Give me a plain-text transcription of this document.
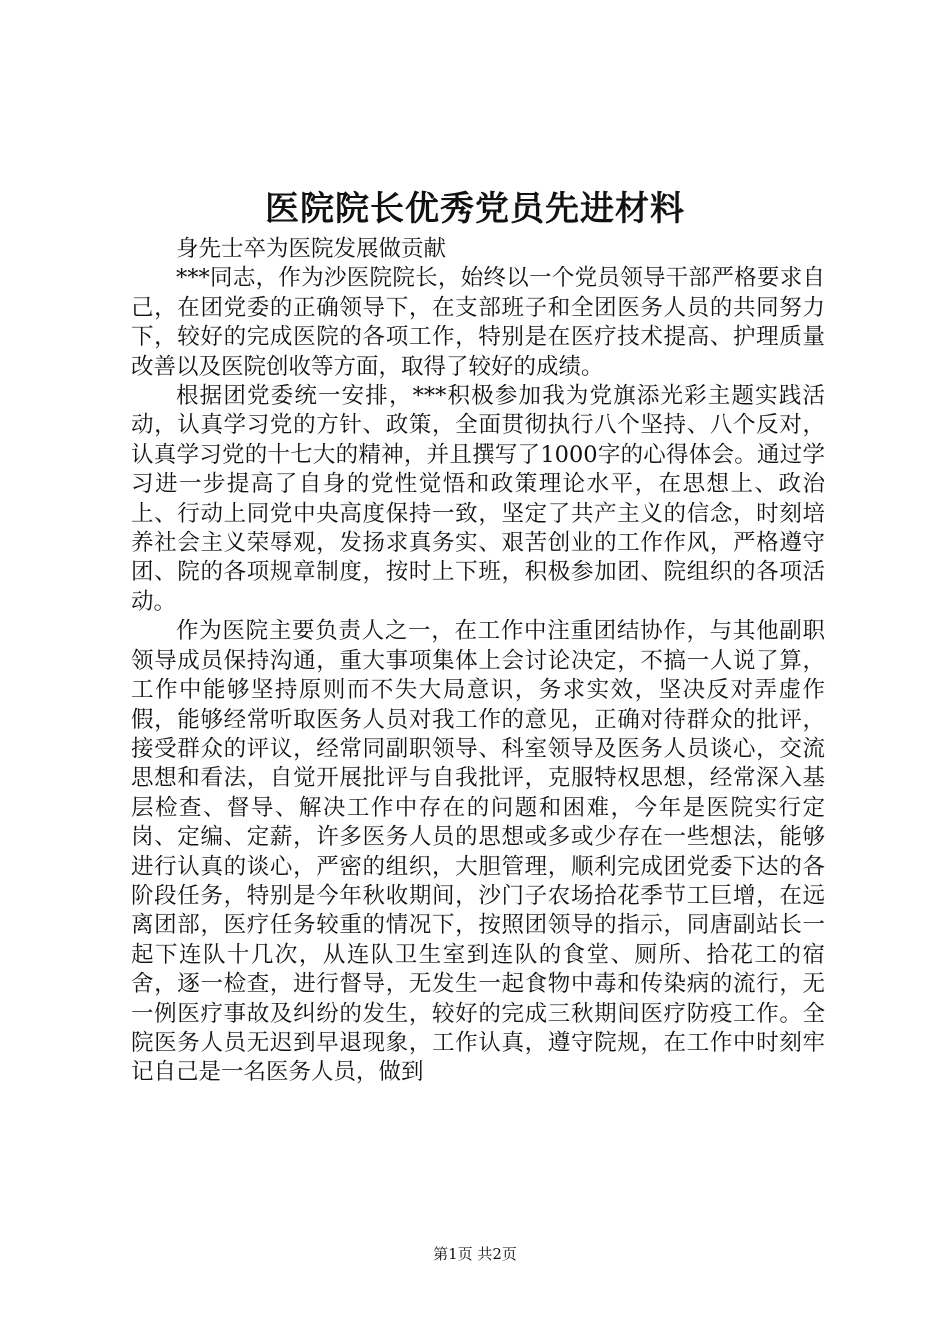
医院院长优秀党员先进材料

身先士卒为医院发展做贡献

***同志，作为沙医院院长，始终以一个党员领导干部严格要求自己，在团党委的正确领导下，在支部班子和全团医务人员的共同努力下，较好的完成医院的各项工作，特别是在医疗技术提高、护理质量改善以及医院创收等方面，取得了较好的成绩。

根据团党委统一安排，***积极参加我为党旗添光彩主题实践活动，认真学习党的方针、政策，全面贯彻执行八个坚持、八个反对，认真学习党的十七大的精神，并且撰写了1000字的心得体会。通过学习进一步提高了自身的党性觉悟和政策理论水平，在思想上、政治上、行动上同党中央高度保持一致，坚定了共产主义的信念，时刻培养社会主义荣辱观，发扬求真务实、艰苦创业的工作作风，严格遵守团、院的各项规章制度，按时上下班，积极参加团、院组织的各项活动。

作为医院主要负责人之一，在工作中注重团结协作，与其他副职领导成员保持沟通，重大事项集体上会讨论决定，不搞一人说了算，工作中能够坚持原则而不失大局意识，务求实效，坚决反对弄虚作假，能够经常听取医务人员对我工作的意见，正确对待群众的批评，接受群众的评议，经常同副职领导、科室领导及医务人员谈心，交流思想和看法，自觉开展批评与自我批评，克服特权思想，经常深入基层检查、督导、解决工作中存在的问题和困难，今年是医院实行定岗、定编、定薪，许多医务人员的思想或多或少存在一些想法，能够进行认真的谈心，严密的组织，大胆管理，顺利完成团党委下达的各阶段任务，特别是今年秋收期间，沙门子农场拾花季节工巨增，在远离团部，医疗任务较重的情况下，按照团领导的指示，同唐副站长一起下连队十几次，从连队卫生室到连队的食堂、厕所、拾花工的宿舍，逐一检查，进行督导，无发生一起食物中毒和传染病的流行，无一例医疗事故及纠纷的发生，较好的完成三秋期间医疗防疫工作。全院医务人员无迟到早退现象，工作认真，遵守院规，在工作中时刻牢记自己是一名医务人员，做到

第1页 共2页
